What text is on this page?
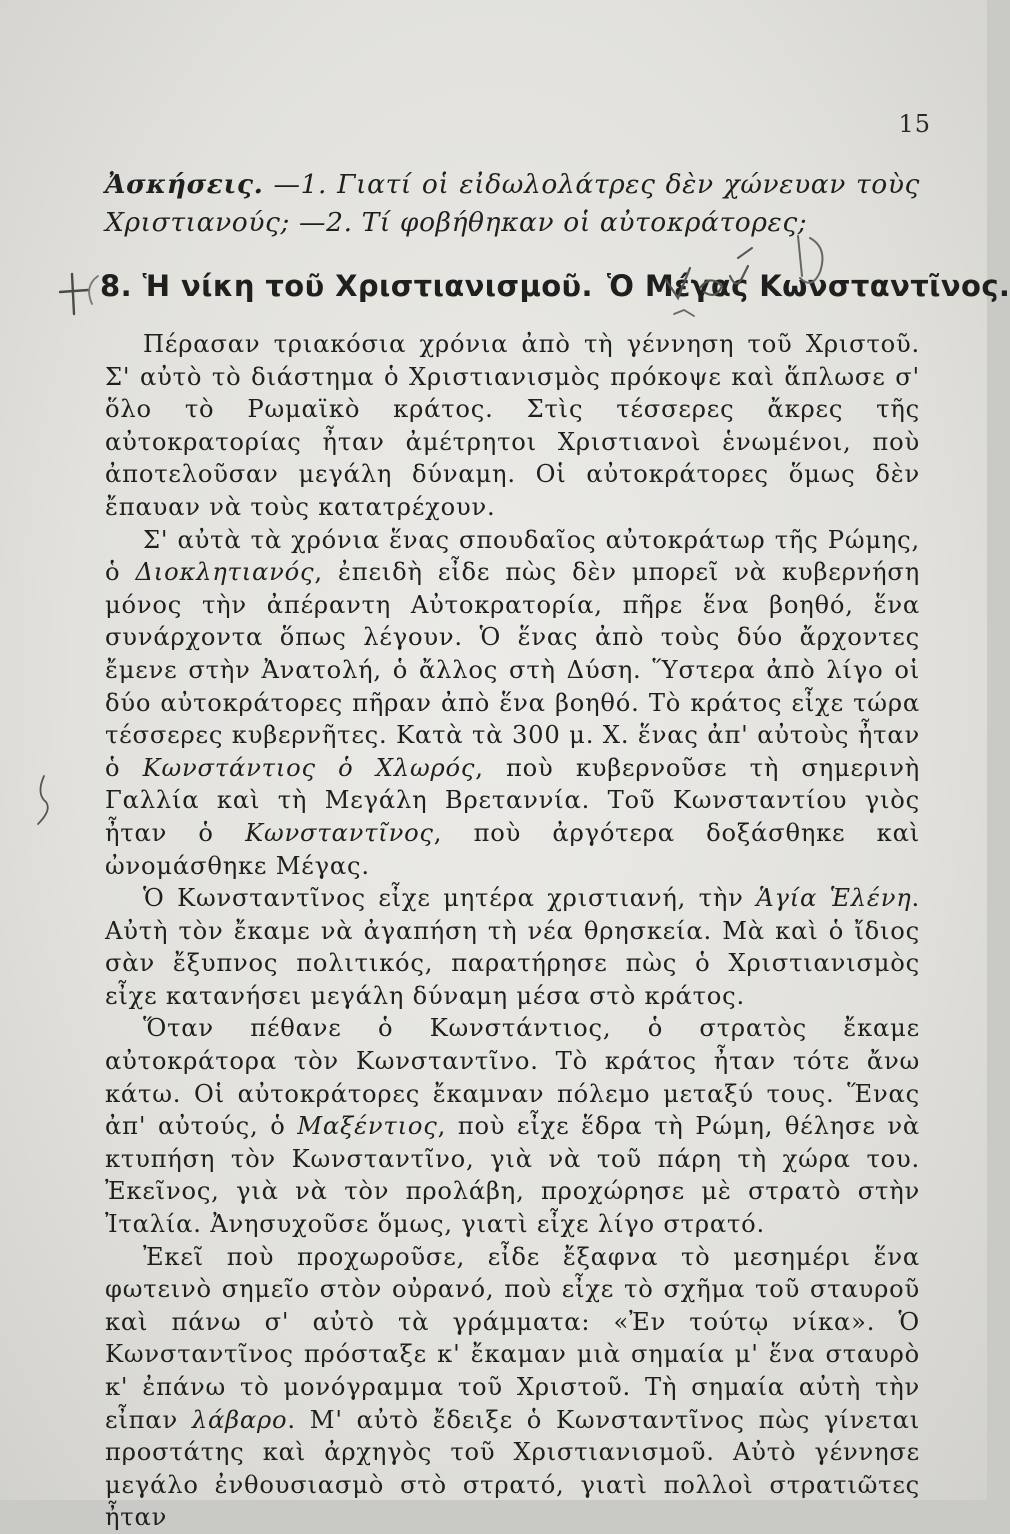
15
Ἀσκήσεις. —1. Γιατί οἱ εἰδωλολάτρες δὲν χώνευαν τοὺς Χριστιανούς; —2. Τί φοβήθηκαν οἱ αὐτοκράτορες;
8. Ἡ νίκη τοῦ Χριστιανισμοῦ. Ὁ Μέγας Κωνσταντῖνος.

Πέρασαν τριακόσια χρόνια ἀπὸ τὴ γέννηση τοῦ Χριστοῦ. Σ' αὐτὸ τὸ διάστημα ὁ Χριστιανισμὸς πρόκοψε καὶ ἅπλωσε σ' ὅλο τὸ Ρωμαϊκὸ κράτος. Στὶς τέσσερες ἄκρες τῆς αὐτοκρατορίας ἦταν ἀμέτρητοι Χριστιανοὶ ἑνωμένοι, ποὺ ἀποτελοῦσαν μεγάλη δύναμη. Οἱ αὐτοκράτορες ὅμως δὲν ἔπαυαν νὰ τοὺς κατατρέχουν.

Σ' αὐτὰ τὰ χρόνια ἕνας σπουδαῖος αὐτοκράτωρ τῆς Ρώμης, ὁ Διοκλητιανός, ἐπειδὴ εἶδε πὼς δὲν μπορεῖ νὰ κυβερνήση μόνος τὴν ἀπέραντη Αὐτοκρατορία, πῆρε ἕνα βοηθό, ἕνα συνάρχοντα ὅπως λέγουν. Ὁ ἕνας ἀπὸ τοὺς δύο ἄρχοντες ἔμενε στὴν Ἀνατολή, ὁ ἄλλος στὴ Δύση. Ὕστερα ἀπὸ λίγο οἱ δύο αὐτοκράτορες πῆραν ἀπὸ ἕνα βοηθό. Τὸ κράτος εἶχε τώρα τέσσερες κυβερνῆτες. Κατὰ τὰ 300 μ. Χ. ἕνας ἀπ' αὐτοὺς ἦταν ὁ Κωνστάντιος ὁ Χλωρός, ποὺ κυβερνοῦσε τὴ σημερινὴ Γαλλία καὶ τὴ Μεγάλη Βρεταννία. Τοῦ Κωνσταντίου γιὸς ἦταν ὁ Κωνσταντῖνος, ποὺ ἀργότερα δοξάσθηκε καὶ ὠνομάσθηκε Μέγας.

Ὁ Κωνσταντῖνος εἶχε μητέρα χριστιανή, τὴν Ἁγία Ἑλένη. Αὐτὴ τὸν ἔκαμε νὰ ἀγαπήση τὴ νέα θρησκεία. Μὰ καὶ ὁ ἴδιος σὰν ἔξυπνος πολιτικός, παρατήρησε πὼς ὁ Χριστιανισμὸς εἶχε κατανήσει μεγάλη δύναμη μέσα στὸ κράτος.

Ὅταν πέθανε ὁ Κωνστάντιος, ὁ στρατὸς ἔκαμε αὐτοκράτορα τὸν Κωνσταντῖνο. Τὸ κράτος ἦταν τότε ἄνω κάτω. Οἱ αὐτοκράτορες ἔκαμναν πόλεμο μεταξύ τους. Ἕνας ἀπ' αὐτούς, ὁ Μαξέντιος, ποὺ εἶχε ἕδρα τὴ Ρώμη, θέλησε νὰ κτυπήση τὸν Κωνσταντῖνο, γιὰ νὰ τοῦ πάρη τὴ χώρα του. Ἐκεῖνος, γιὰ νὰ τὸν προλάβη, προχώρησε μὲ στρατὸ στὴν Ἰταλία. Ἀνησυχοῦσε ὅμως, γιατὶ εἶχε λίγο στρατό.

Ἐκεῖ ποὺ προχωροῦσε, εἶδε ἔξαφνα τὸ μεσημέρι ἕνα φωτεινὸ σημεῖο στὸν οὐρανό, ποὺ εἶχε τὸ σχῆμα τοῦ σταυροῦ καὶ πάνω σ' αὐτὸ τὰ γράμματα: «Ἐν τούτῳ νίκα». Ὁ Κωνσταντῖνος πρόσταξε κ' ἔκαμαν μιὰ σημαία μ' ἕνα σταυρὸ κ' ἐπάνω τὸ μονόγραμμα τοῦ Χριστοῦ. Τὴ σημαία αὐτὴ τὴν εἶπαν λάβαρο. Μ' αὐτὸ ἔδειξε ὁ Κωνσταντῖνος πὼς γίνεται προστάτης καὶ ἀρχηγὸς τοῦ Χριστιανισμοῦ. Αὐτὸ γέννησε μεγάλο ἐνθουσιασμὸ στὸ στρατό, γιατὶ πολλοὶ στρατιῶτες ἦταν
